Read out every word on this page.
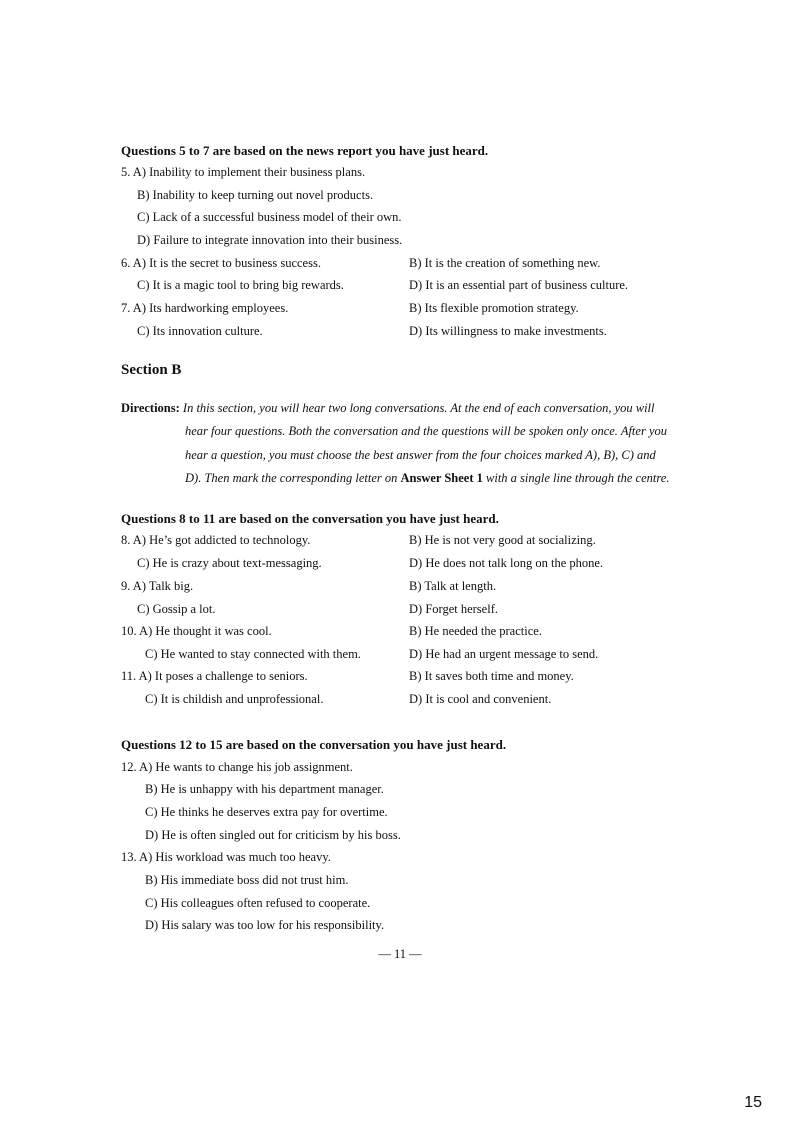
Questions 5 to 7 are based on the news report you have just heard.
5. A) Inability to implement their business plans.
B) Inability to keep turning out novel products.
C) Lack of a successful business model of their own.
D) Failure to integrate innovation into their business.
6. A) It is the secret to business success.	B) It is the creation of something new.
C) It is a magic tool to bring big rewards.	D) It is an essential part of business culture.
7. A) Its hardworking employees.	B) Its flexible promotion strategy.
C) Its innovation culture.	D) Its willingness to make investments.
Section B
Directions: In this section, you will hear two long conversations. At the end of each conversation, you will
hear four questions. Both the conversation and the questions will be spoken only once. After you
hear a question, you must choose the best answer from the four choices marked A), B), C) and
D). Then mark the corresponding letter on Answer Sheet 1 with a single line through the centre.
Questions 8 to 11 are based on the conversation you have just heard.
8. A) He’s got addicted to technology.	B) He is not very good at socializing.
C) He is crazy about text-messaging.	D) He does not talk long on the phone.
9. A) Talk big.	B) Talk at length.
C) Gossip a lot.	D) Forget herself.
10. A) He thought it was cool.	B) He needed the practice.
C) He wanted to stay connected with them.	D) He had an urgent message to send.
11. A) It poses a challenge to seniors.	B) It saves both time and money.
C) It is childish and unprofessional.	D) It is cool and convenient.
Questions 12 to 15 are based on the conversation you have just heard.
12. A) He wants to change his job assignment.
B) He is unhappy with his department manager.
C) He thinks he deserves extra pay for overtime.
D) He is often singled out for criticism by his boss.
13. A) His workload was much too heavy.
B) His immediate boss did not trust him.
C) His colleagues often refused to cooperate.
D) His salary was too low for his responsibility.
— 11 —
15
